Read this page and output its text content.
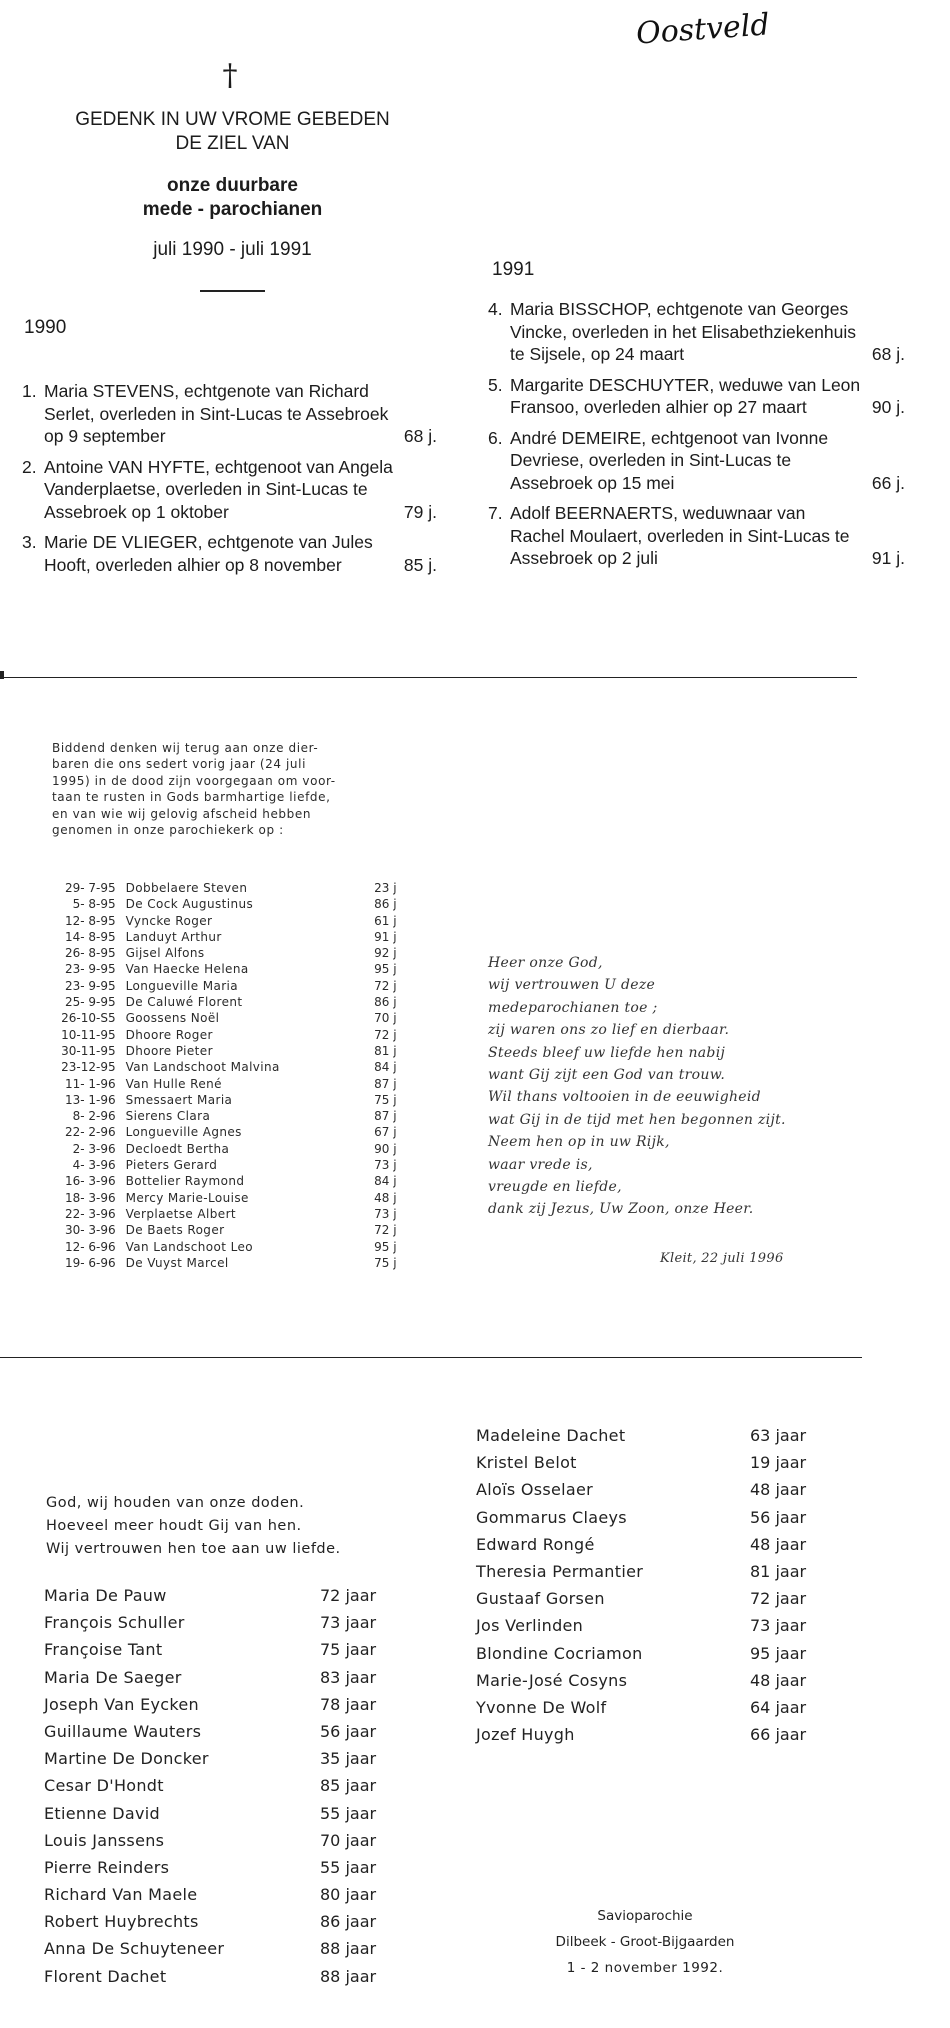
Oostveld
†
GEDENK IN UW VROME GEBEDEN
DE ZIEL VAN
onze duurbare
mede - parochianen
juli 1990 - juli 1991
1990
1991
1. Maria STEVENS, echtgenote van Richard
Serlet, overleden in Sint-Lucas te Assebroek
op 9 september	68 j.
2. Antoine VAN HYFTE, echtgenoot van Angela
Vanderplaetse, overleden in Sint-Lucas te
Assebroek op 1 oktober	79 j.
3. Marie DE VLIEGER, echtgenote van Jules
Hooft, overleden alhier op 8 november	85 j.
4. Maria BISSCHOP, echtgenote van Georges
Vincke, overleden in het Elisabethziekenhuis
te Sijsele, op 24 maart	68 j.
5. Margarite DESCHUYTER, weduwe van Leon
Fransoo, overleden alhier op 27 maart	90 j.
6. André DEMEIRE, echtgenoot van Ivonne
Devriese, overleden in Sint-Lucas te
Assebroek op 15 mei	66 j.
7. Adolf BEERNAERTS, weduwnaar van
Rachel Moulaert, overleden in Sint-Lucas te
Assebroek op 2 juli	91 j.
Biddend denken wij terug aan onze dier-
baren die ons sedert vorig jaar (24 juli
1995) in de dood zijn voorgegaan om voor-
taan te rusten in Gods barmhartige liefde,
en van wie wij gelovig afscheid hebben
genomen in onze parochiekerk op :
29- 7-95 Dobbelaere Steven	23 j
5- 8-95 De Cock Augustinus	86 j
12- 8-95 Vyncke Roger	61 j
14- 8-95 Landuyt Arthur	91 j
26- 8-95 Gijsel Alfons	92 j
23- 9-95 Van Haecke Helena	95 j
23- 9-95 Longueville Maria	72 j
25- 9-95 De Caluwé Florent	86 j
26-10-S5 Goossens Noël	70 j
10-11-95 Dhoore Roger	72 j
30-11-95 Dhoore Pieter	81 j
23-12-95 Van Landschoot Malvina	84 j
11- 1-96 Van Hulle René	87 j
13- 1-96 Smessaert Maria	75 j
8- 2-96 Sierens Clara	87 j
22- 2-96 Longueville Agnes	67 j
2- 3-96 Decloedt Bertha	90 j
4- 3-96 Pieters Gerard	73 j
16- 3-96 Bottelier Raymond	84 j
18- 3-96 Mercy Marie-Louise	48 j
22- 3-96 Verplaetse Albert	73 j
30- 3-96 De Baets Roger	72 j
12- 6-96 Van Landschoot Leo	95 j
19- 6-96 De Vuyst Marcel	75 j
Heer onze God,
wij vertrouwen U deze
medeparochianen toe ;
zij waren ons zo lief en dierbaar.
Steeds bleef uw liefde hen nabij
want Gij zijt een God van trouw.
Wil thans voltooien in de eeuwigheid
wat Gij in de tijd met hen begonnen zijt.
Neem hen op in uw Rijk,
waar vrede is,
vreugde en liefde,
dank zij Jezus, Uw Zoon, onze Heer.
Kleit, 22 juli 1996
God, wij houden van onze doden.
Hoeveel meer houdt Gij van hen.
Wij vertrouwen hen toe aan uw liefde.
Maria De Pauw	72 jaar
François Schuller	73 jaar
Françoise Tant	75 jaar
Maria De Saeger	83 jaar
Joseph Van Eycken	78 jaar
Guillaume Wauters	56 jaar
Martine De Doncker	35 jaar
Cesar D'Hondt	85 jaar
Etienne David	55 jaar
Louis Janssens	70 jaar
Pierre Reinders	55 jaar
Richard Van Maele	80 jaar
Robert Huybrechts	86 jaar
Anna De Schuyteneer	88 jaar
Florent Dachet	88 jaar
Madeleine Dachet	63 jaar
Kristel Belot	19 jaar
Aloïs Osselaer	48 jaar
Gommarus Claeys	56 jaar
Edward Rongé	48 jaar
Theresia Permantier	81 jaar
Gustaaf Gorsen	72 jaar
Jos Verlinden	73 jaar
Blondine Cocriamon	95 jaar
Marie-José Cosyns	48 jaar
Yvonne De Wolf	64 jaar
Jozef Huygh	66 jaar
Savioparochie
Dilbeek - Groot-Bijgaarden
1 - 2 november 1992.
